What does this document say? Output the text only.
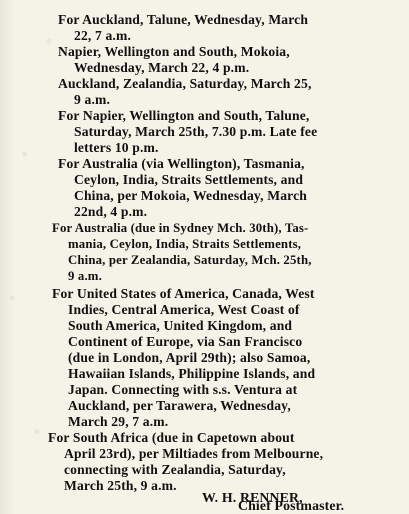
For Auckland, Talune, Wednesday, March
22, 7 a.m.
Napier, Wellington and South, Mokoia,
Wednesday, March 22, 4 p.m.
Auckland, Zealandia, Saturday, March 25,
9 a.m.
For Napier, Wellington and South, Talune,
Saturday, March 25th, 7.30 p.m. Late fee
letters 10 p.m.
For Australia (via Wellington), Tasmania,
Ceylon, India, Straits Settlements, and
China, per Mokoia, Wednesday, March
22nd, 4 p.m.
For Australia (due in Sydney Mch. 30th), Tas-
mania, Ceylon, India, Straits Settlements,
China, per Zealandia, Saturday, Mch. 25th,
9 a.m.
For United States of America, Canada, West
Indies, Central America, West Coast of
South America, United Kingdom, and
Continent of Europe, via San Francisco
(due in London, April 29th); also Samoa,
Hawaiian Islands, Philippine Islands, and
Japan. Connecting with s.s. Ventura at
Auckland, per Tarawera, Wednesday,
March 29, 7 a.m.
For South Africa (due in Capetown about
April 23rd), per Miltiades from Melbourne,
connecting with Zealandia, Saturday,
March 25th, 9 a.m.
W. H. RENNER,
Chief Postmaster.
